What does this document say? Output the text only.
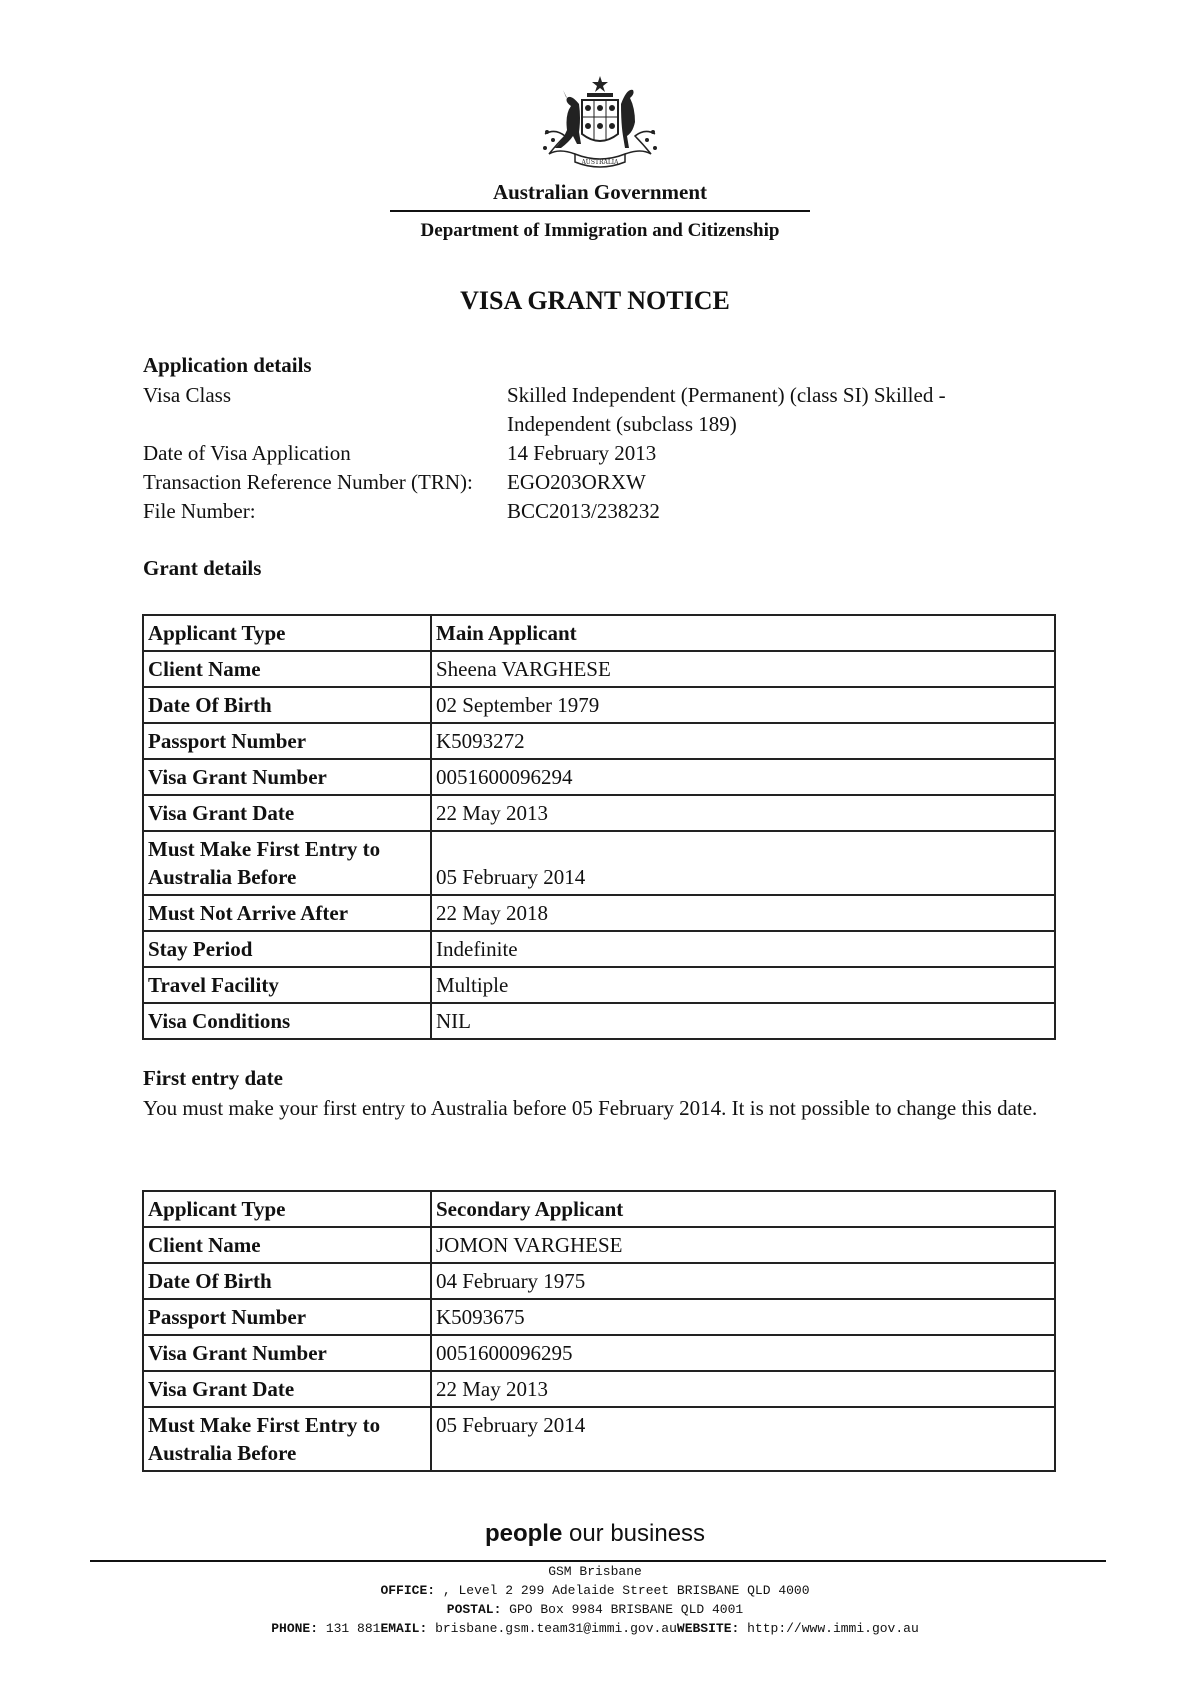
AUSTRALIA
Australian Government
Department of Immigration and Citizenship
VISA GRANT NOTICE
Application details
Visa Class	Skilled Independent (Permanent) (class SI) Skilled - Independent (subclass 189)
Date of Visa Application	14 February 2013
Transaction Reference Number (TRN):	EGO203ORXW
File Number:	BCC2013/238232
Grant details
Applicant Type	Main Applicant
Client Name	Sheena VARGHESE
Date Of Birth	02 September 1979
Passport Number	K5093272
Visa Grant Number	0051600096294
Visa Grant Date	22 May 2013
Must Make First Entry to Australia Before	05 February 2014
Must Not Arrive After	22 May 2018
Stay Period	Indefinite
Travel Facility	Multiple
Visa Conditions	NIL
First entry date
You must make your first entry to Australia before 05 February 2014. It is not possible to change this date.
Applicant Type	Secondary Applicant
Client Name	JOMON VARGHESE
Date Of Birth	04 February 1975
Passport Number	K5093675
Visa Grant Number	0051600096295
Visa Grant Date	22 May 2013
Must Make First Entry to Australia Before	05 February 2014
people our business
GSM Brisbane
OFFICE: , Level 2 299 Adelaide Street BRISBANE QLD 4000
POSTAL: GPO Box 9984 BRISBANE QLD 4001
PHONE: 131 881EMAIL: brisbane.gsm.team31@immi.gov.auWEBSITE: http://www.immi.gov.au
